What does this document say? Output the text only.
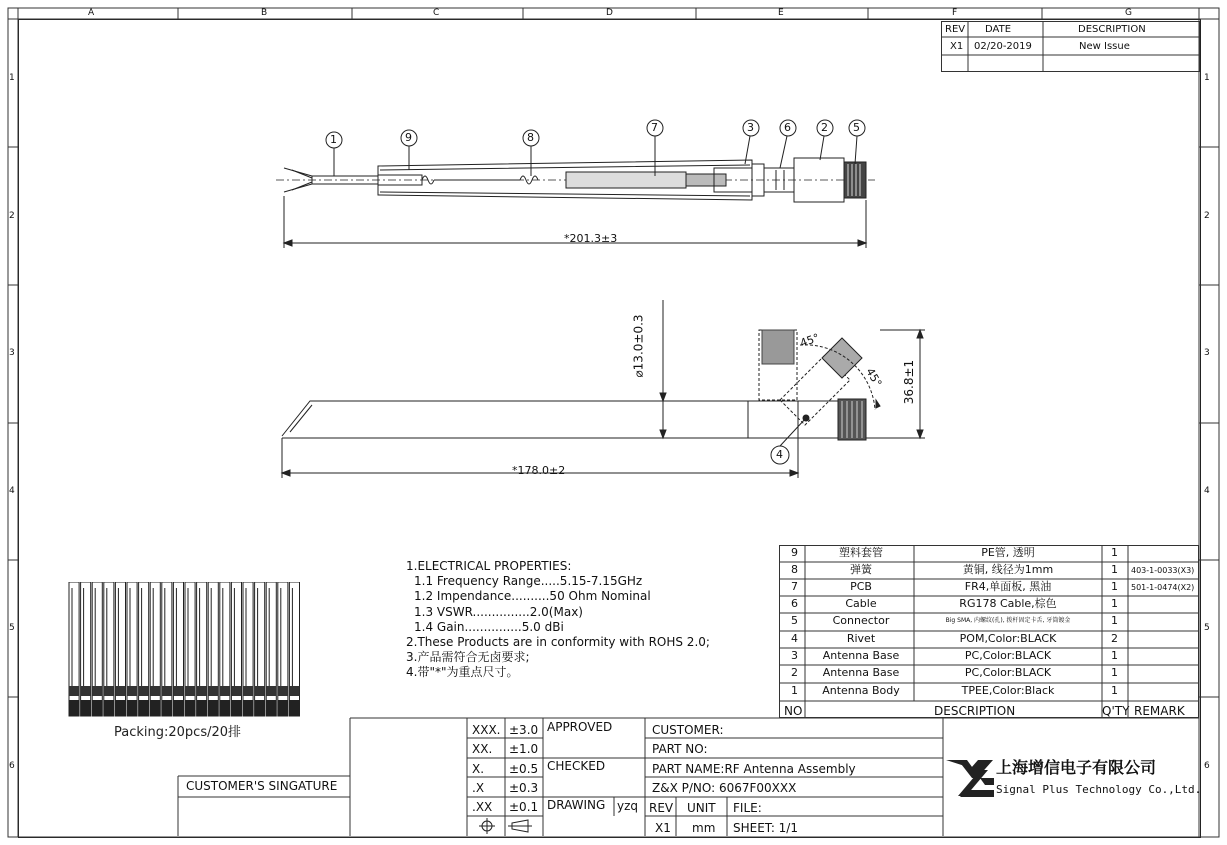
A	B	C	D	E	F	G
1
2
3
4
5
6
1
2
3
4
5
6
REV DATE	DESCRIPTION
X1 02/20-2019	New Issue
1	9	8
7	3	6	2 5
*201.3±3
⌀13.0±0.3
36.8±1
45°
45°
4
*178.0±2
Packing:20pcs/20排
1.ELECTRICAL PROPERTIES:
1.1 Frequency Range.....5.15-7.15GHz
1.2 Impendance..........50 Ohm Nominal
1.3 VSWR...............2.0(Max)
1.4 Gain...............5.0 dBi
2.These Products are in conformity with ROHS 2.0;
3.产品需符合无卤要求;
4.带"*"为重点尺寸。
9	塑料套管	PE管, 透明	1
8	弹簧	黄铜, 线径为1mm	1 403-1-0033(X3)
7	PCB	FR4,单面板, 黑油	1 501-1-0474(X2)
6	Cable	RG178 Cable,棕色	1
5	Connector	Big SMA, 内螺纹(孔), 拨杆固定卡舌, 牙筒镀金	1
4	Rivet	POM,Color:BLACK	2
3	Antenna Base	PC,Color:BLACK	1
2	Antenna Base	PC,Color:BLACK	1
1	Antenna Body	TPEE,Color:Black	1
NO	DESCRIPTION	Q'TY REMARK
CUSTOMER'S SINGATURE
XXX. ±3.0
XX. ±1.0
X. ±0.5
.X ±0.3
.XX ±0.1
APPROVED
CHECKED
DRAWING yzq
CUSTOMER:
PART NO:
PART NAME:RF Antenna Assembly
Z&X P/NO: 6067F00XXX
REV UNIT FILE:
X1 mm SHEET: 1/1
上海增信电子有限公司
Signal Plus Technology Co.,Ltd.
